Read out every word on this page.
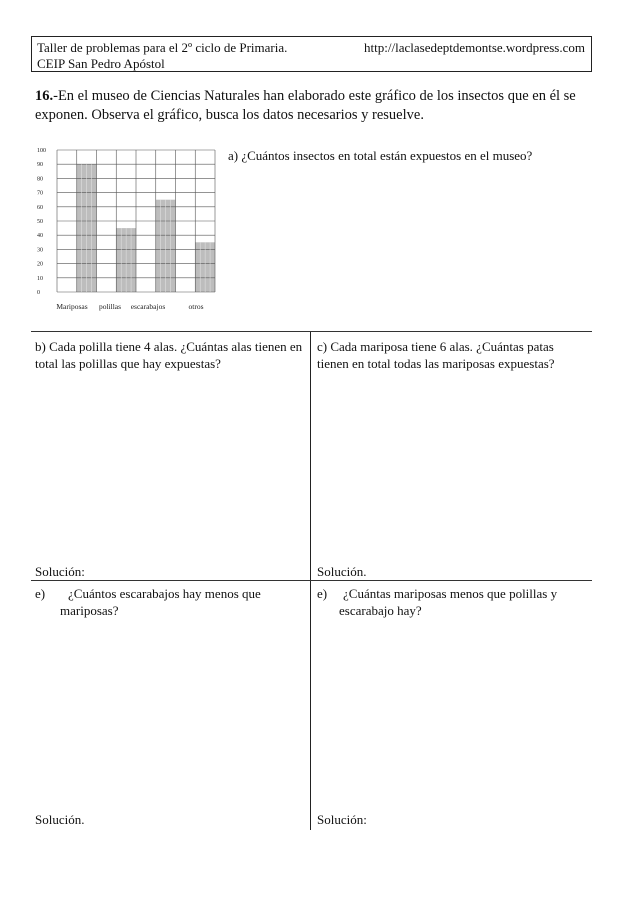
Taller de problemas para el 2º ciclo de Primaria.
CEIP San Pedro Apóstol
http://laclasedeptdemontse.wordpress.com
16.-En el museo de Ciencias Naturales han elaborado este gráfico de los insectos que en él se exponen. Observa el gráfico, busca los datos necesarios y resuelve.
0
10
20
30
40
50
60
70
80
90
100
Mariposas polillas escarabajos	otros
a) ¿Cuántos insectos en total están expuestos en el museo?
b) Cada polilla tiene 4 alas. ¿Cuántas alas tienen en total las polillas que hay expuestas?
c) Cada mariposa tiene 6 alas. ¿Cuántas patas tienen en total todas las mariposas expuestas?
Solución:	Solución.
e)	¿Cuántos escarabajos hay menos que mariposas?
e)	¿Cuántas mariposas menos que polillas y escarabajo hay?
Solución.	Solución:
